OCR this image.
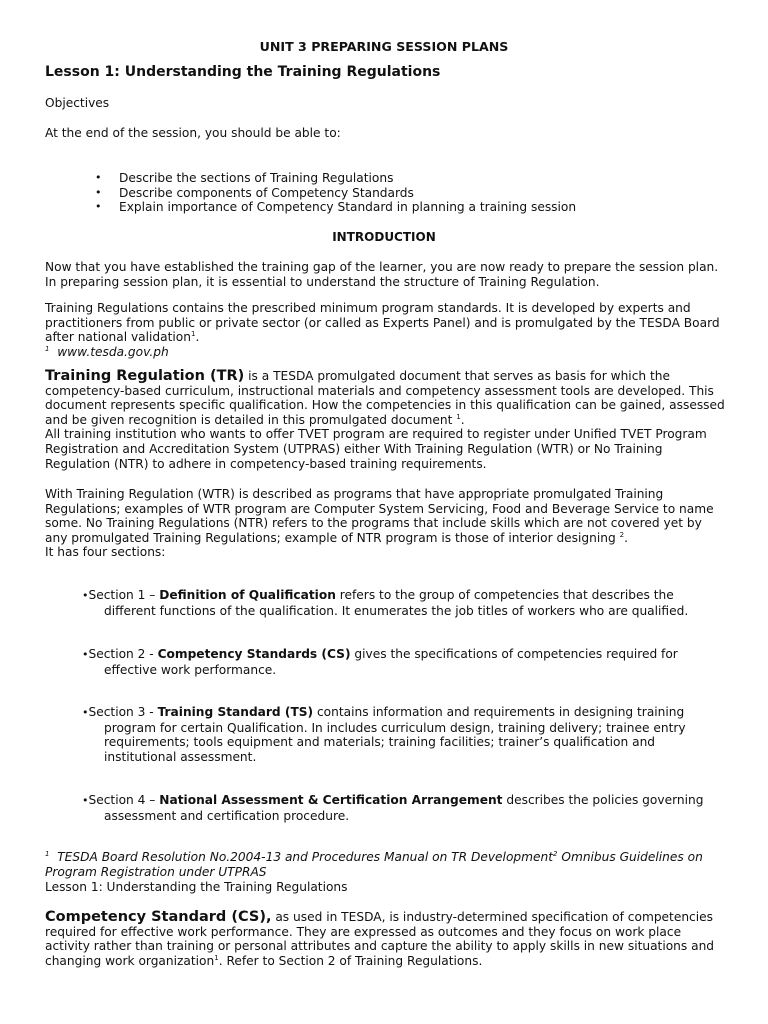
UNIT 3 PREPARING SESSION PLANS
Lesson 1: Understanding the Training Regulations
Objectives
At the end of the session, you should be able to:
• Describe the sections of Training Regulations
• Describe components of Competency Standards
• Explain importance of Competency Standard in planning a training session
INTRODUCTION

Now that you have established the training gap of the learner, you are now ready to prepare the session plan. In preparing session plan, it is essential to understand the structure of Training Regulation.

Training Regulations contains the prescribed minimum program standards. It is developed by experts and practitioners from public or private sector (or called as Experts Panel) and is promulgated by the TESDA Board after national validation$^1$.

$^1$ www.tesda.gov.ph

Training Regulation (TR) is a TESDA promulgated document that serves as basis for which the competency-based curriculum, instructional materials and competency assessment tools are developed. This document represents specific qualification. How the competencies in this qualification can be gained, assessed and be given recognition is detailed in this promulgated document $^1$.
All training institution who wants to offer TVET program are required to register under Unified TVET Program Registration and Accreditation System (UTPRAS) either With Training Regulation (WTR) or No Training Regulation (NTR) to adhere in competency-based training requirements.

With Training Regulation (WTR) is described as programs that have appropriate promulgated Training Regulations; examples of WTR program are Computer System Servicing, Food and Beverage Service to name some. No Training Regulations (NTR) refers to the programs that include skills which are not covered yet by any promulgated Training Regulations; example of NTR program is those of interior designing $^2$.
It has four sections:

•Section 1 – Definition of Qualification refers to the group of competencies that describes the
different functions of the qualification. It enumerates the job titles of workers who are qualified.
•Section 2 - Competency Standards (CS) gives the specifications of competencies required for
effective work performance.
•Section 3 - Training Standard (TS) contains information and requirements in designing training
program for certain Qualification. In includes curriculum design, training delivery; trainee entry
requirements; tools equipment and materials; training facilities; trainer’s qualification and
institutional assessment.
•Section 4 – National Assessment & Certification Arrangement describes the policies governing
assessment and certification procedure.

$^1$ TESDA Board Resolution No.2004-13 and Procedures Manual on TR Development$^2$ Omnibus Guidelines on Program Registration under UTPRAS

Lesson 1: Understanding the Training Regulations

Competency Standard (CS), as used in TESDA, is industry-determined specification of competencies required for effective work performance. They are expressed as outcomes and they focus on work place activity rather than training or personal attributes and capture the ability to apply skills in new situations and changing work organization$^1$. Refer to Section 2 of Training Regulations.
